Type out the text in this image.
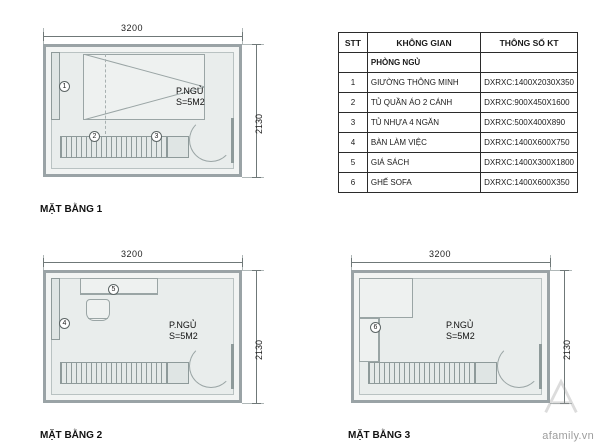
3200
1
2	3
P.NGỦ
S=5M2
2130
MẶT BẰNG 1
3200
5
4	P.NGỦ
S=5M2
2130
MẶT BẰNG 2
3200
6	P.NGỦ
S=5M2
2130
MẶT BẰNG 3
STT	KHÔNG GIAN	THÔNG SỐ KT
	PHÒNG NGỦ	
1	GIƯỜNG THÔNG MINH	DXRXC:1400X2030X350
2	TỦ QUẦN ÁO 2 CÁNH	DXRXC:900X450X1600
3	TỦ NHỰA 4 NGĂN	DXRXC:500X400X890
4	BÀN LÀM VIỆC	DXRXC:1400X600X750
5	GIÁ SÁCH	DXRXC:1400X300X1800
6	GHẾ SOFA	DXRXC:1400X600X350
afamily.vn
